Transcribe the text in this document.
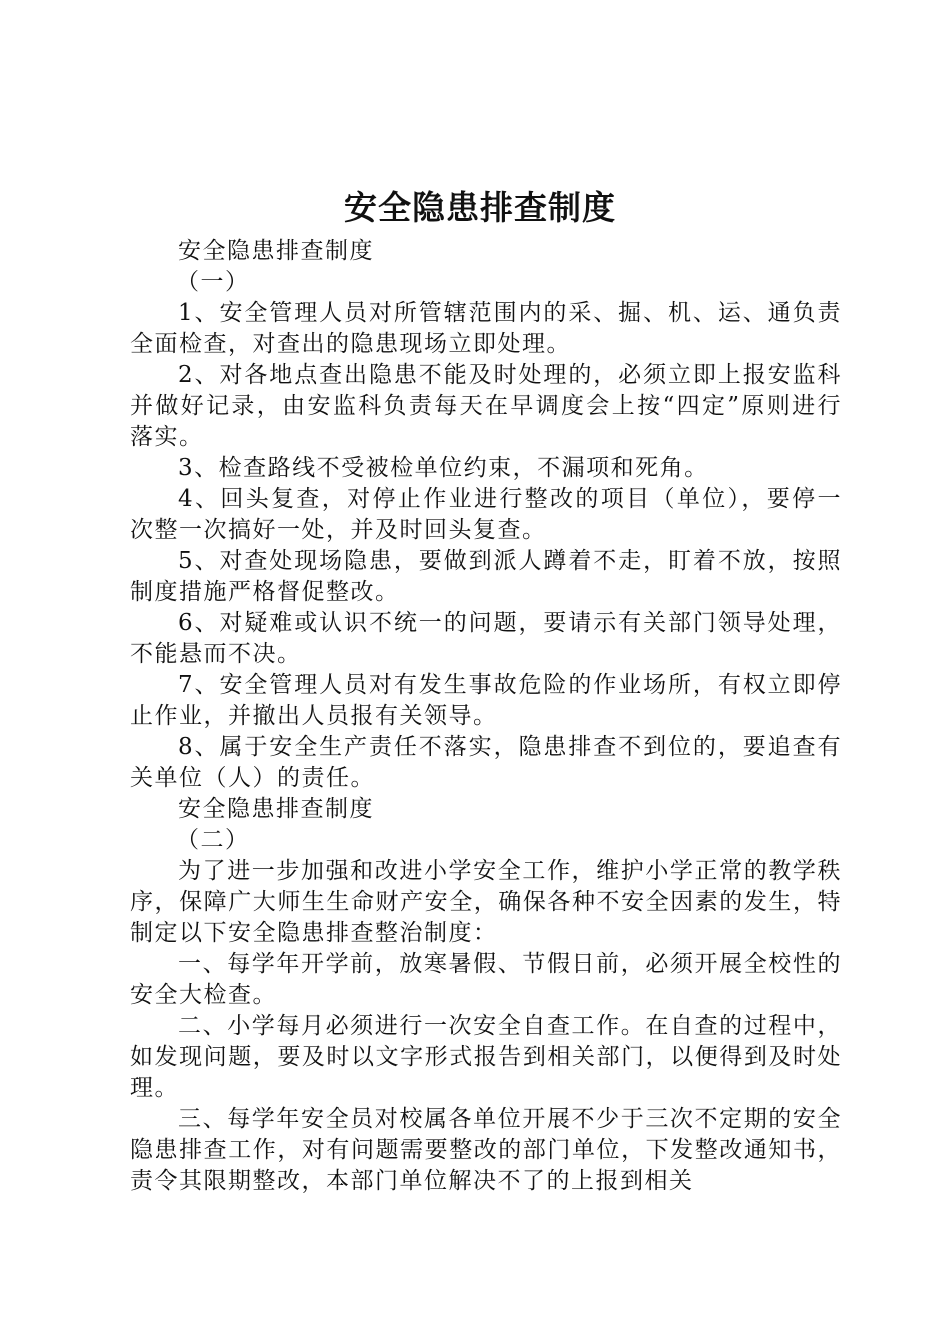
安全隐患排查制度

安全隐患排查制度

（一）

1、安全管理人员对所管辖范围内的采、掘、机、运、通负责全面检查，对查出的隐患现场立即处理。

2、对各地点查出隐患不能及时处理的，必须立即上报安监科并做好记录，由安监科负责每天在早调度会上按“四定”原则进行落实。

3、检查路线不受被检单位约束，不漏项和死角。

4、回头复查，对停止作业进行整改的项目（单位），要停一次整一次搞好一处，并及时回头复查。

5、对查处现场隐患，要做到派人蹲着不走，盯着不放，按照制度措施严格督促整改。

6、对疑难或认识不统一的问题，要请示有关部门领导处理，不能悬而不决。

7、安全管理人员对有发生事故危险的作业场所，有权立即停止作业，并撤出人员报有关领导。

8、属于安全生产责任不落实，隐患排查不到位的，要追查有关单位（人）的责任。

安全隐患排查制度

（二）

为了进一步加强和改进小学安全工作，维护小学正常的教学秩序，保障广大师生生命财产安全，确保各种不安全因素的发生，特制定以下安全隐患排查整治制度：

一、每学年开学前，放寒暑假、节假日前，必须开展全校性的安全大检查。

二、小学每月必须进行一次安全自查工作。在自查的过程中，如发现问题，要及时以文字形式报告到相关部门，以便得到及时处理。

三、每学年安全员对校属各单位开展不少于三次不定期的安全隐患排查工作，对有问题需要整改的部门单位，下发整改通知书，责令其限期整改，本部门单位解决不了的上报到相关
